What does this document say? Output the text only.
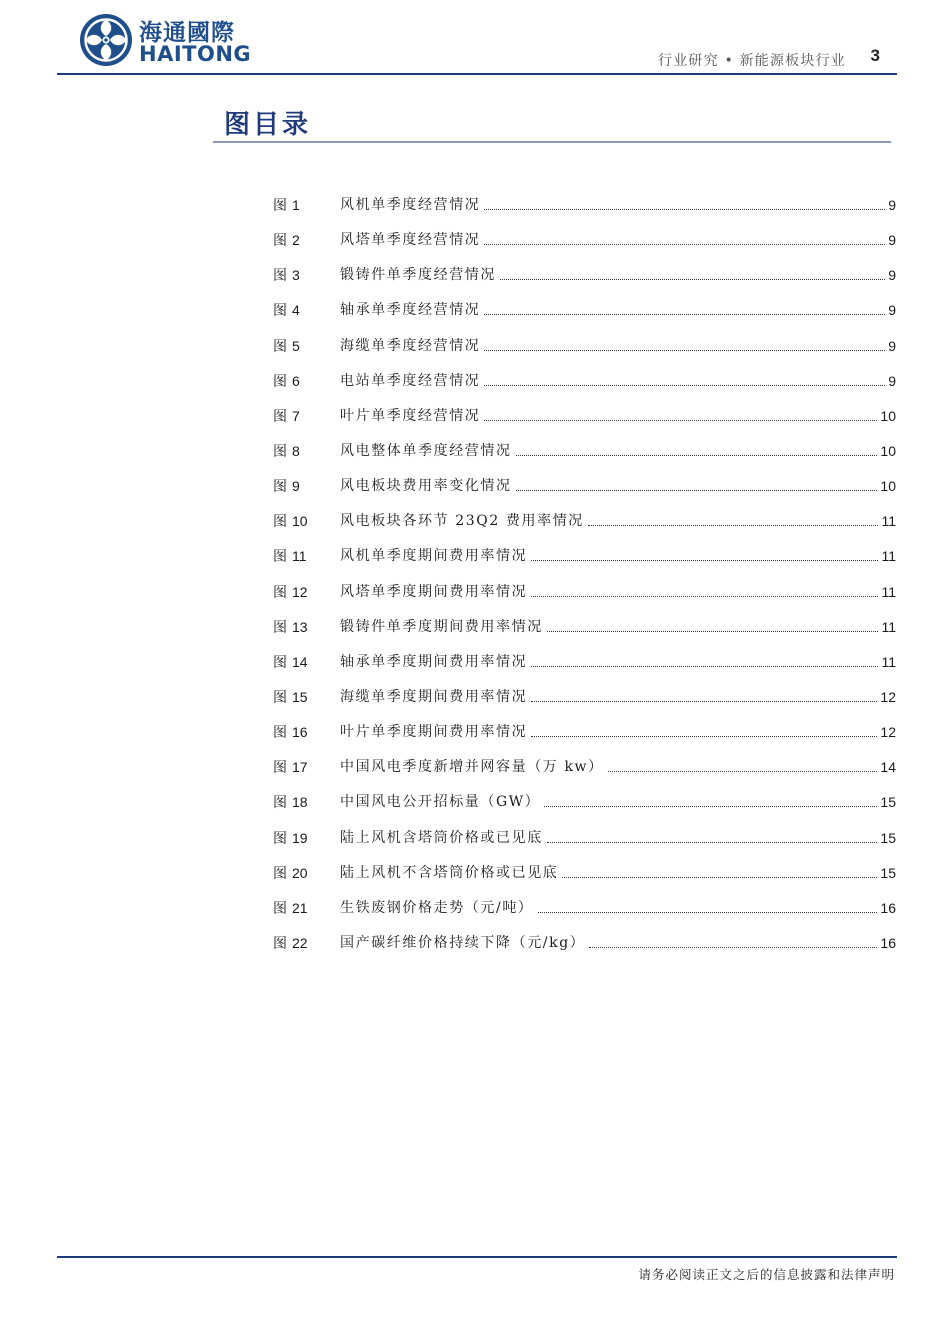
海通國際
HAITONG	行业研究 • 新能源板块行业 3
图目录
图 1	风机单季度经营情况	9
图 2	风塔单季度经营情况	9
图 3	锻铸件单季度经营情况	9
图 4	轴承单季度经营情况	9
图 5	海缆单季度经营情况	9
图 6	电站单季度经营情况	9
图 7	叶片单季度经营情况	10
图 8	风电整体单季度经营情况	10
图 9	风电板块费用率变化情况	10
图 10	风电板块各环节 23Q2 费用率情况	11
图 11	风机单季度期间费用率情况	11
图 12	风塔单季度期间费用率情况	11
图 13	锻铸件单季度期间费用率情况	11
图 14	轴承单季度期间费用率情况	11
图 15	海缆单季度期间费用率情况	12
图 16	叶片单季度期间费用率情况	12
图 17	中国风电季度新增并网容量（万 kw）	14
图 18	中国风电公开招标量（GW）	15
图 19	陆上风机含塔筒价格或已见底	15
图 20	陆上风机不含塔筒价格或已见底	15
图 21	生铁废钢价格走势（元/吨）	16
图 22	国产碳纤维价格持续下降（元/kg）	16
请务必阅读正文之后的信息披露和法律声明
